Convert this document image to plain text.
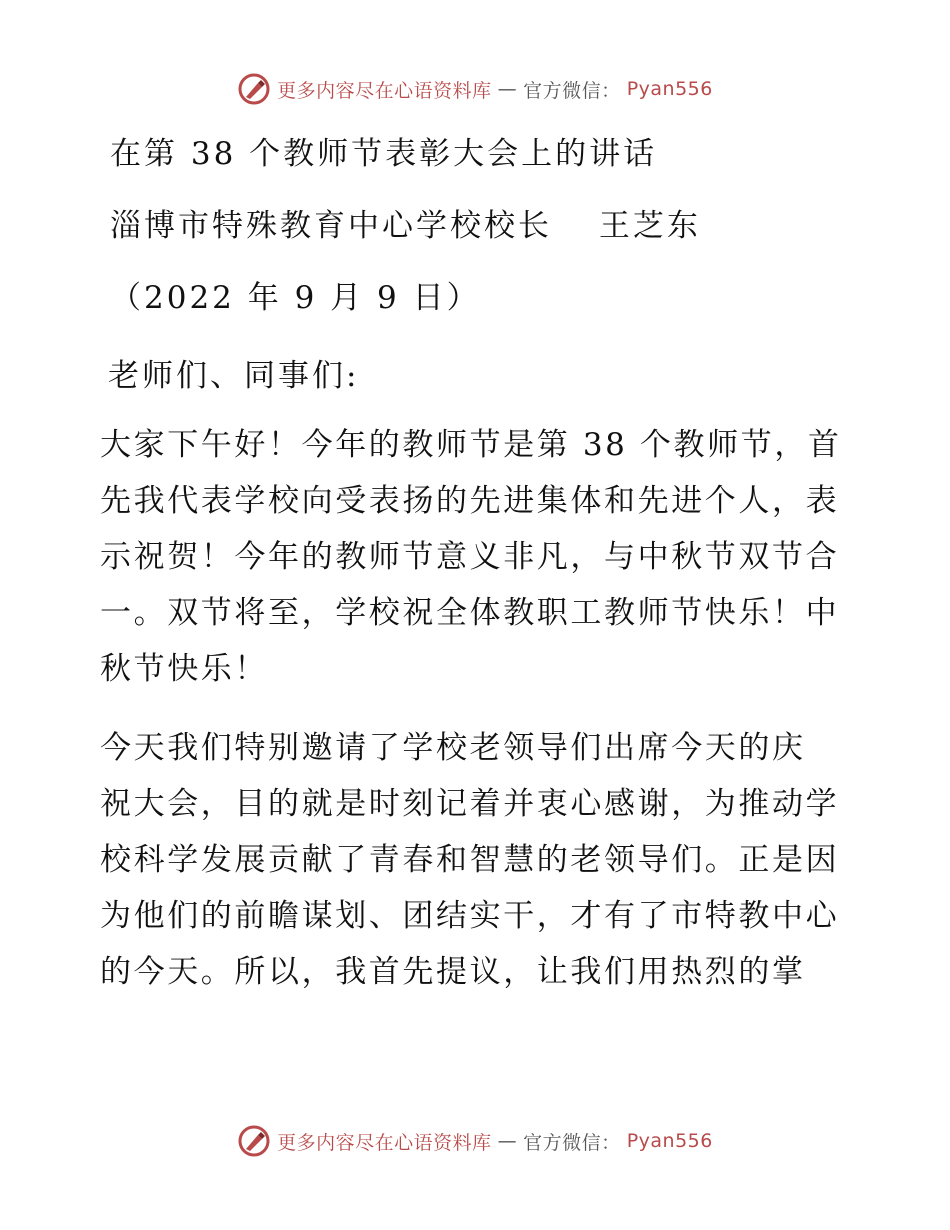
更多内容尽在心语资料库 — 官方微信： Pyan556
在第 38 个教师节表彰大会上的讲话
淄博市特殊教育中心学校校长　 王芝东
（2022 年 9 月 9 日）
老师们、同事们:
大家下午好！今年的教师节是第 38 个教师节，首
先我代表学校向受表扬的先进集体和先进个人，表
示祝贺！今年的教师节意义非凡，与中秋节双节合
一。双节将至，学校祝全体教职工教师节快乐！中
秋节快乐！
今天我们特别邀请了学校老领导们出席今天的庆
祝大会，目的就是时刻记着并衷心感谢，为推动学
校科学发展贡献了青春和智慧的老领导们。正是因
为他们的前瞻谋划、团结实干，才有了市特教中心
的今天。所以，我首先提议，让我们用热烈的掌
更多内容尽在心语资料库 — 官方微信： Pyan556
